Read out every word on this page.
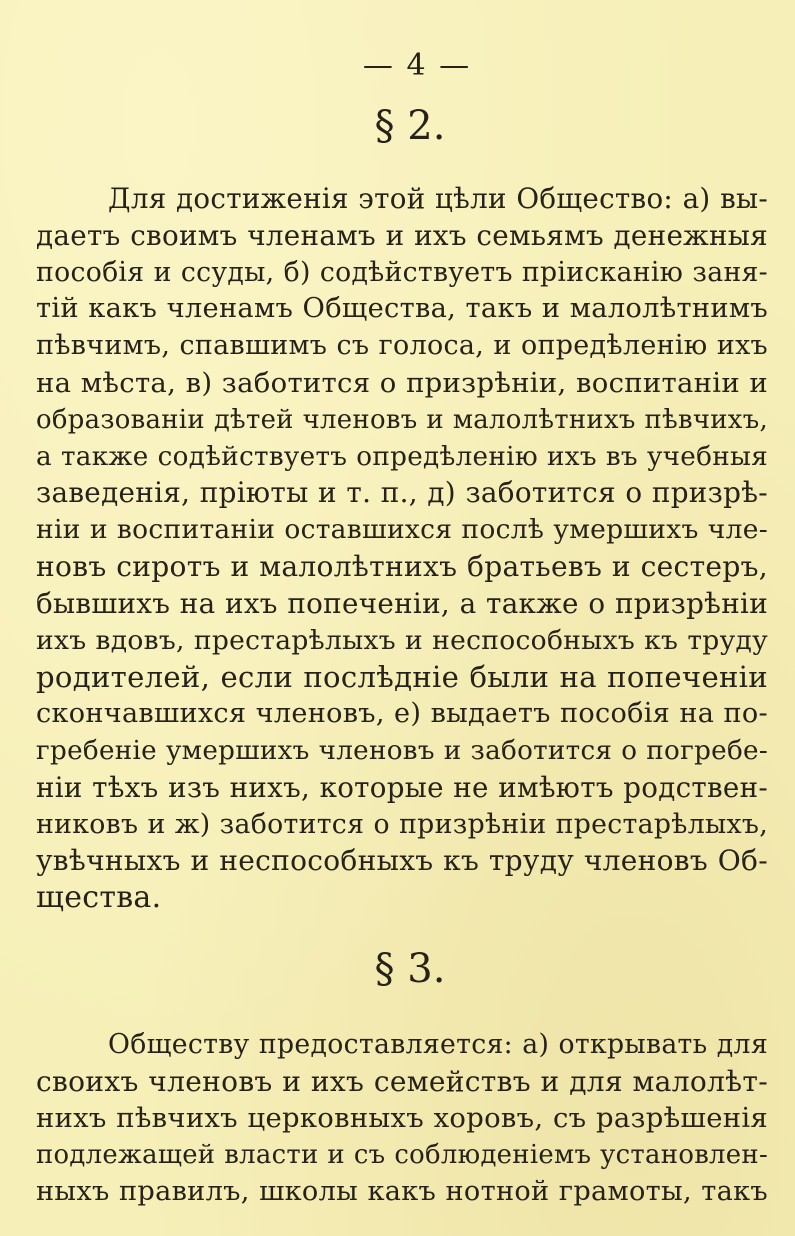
— 4 —
§ 2.
Для достиженія этой цѣли Общество: а) вы-
даетъ своимъ членамъ и ихъ семьямъ денежныя
пособія и ссуды, б) содѣйствуетъ пріисканію заня-
тій какъ членамъ Общества, такъ и малолѣтнимъ
пѣвчимъ, спавшимъ съ голоса, и опредѣленію ихъ
на мѣста, в) заботится о призрѣніи, воспитаніи и
образованіи дѣтей членовъ и малолѣтнихъ пѣвчихъ,
а также содѣйствуетъ опредѣленію ихъ въ учебныя
заведенія, пріюты и т. п., д) заботится о призрѣ-
ніи и воспитаніи оставшихся послѣ умершихъ чле-
новъ сиротъ и малолѣтнихъ братьевъ и сестеръ,
бывшихъ на ихъ попеченіи, а также о призрѣніи
ихъ вдовъ, престарѣлыхъ и неспособныхъ къ труду
родителей, если послѣдніе были на попеченіи
скончавшихся членовъ, е) выдаетъ пособія на по-
гребеніе умершихъ членовъ и заботится о погребе-
ніи тѣхъ изъ нихъ, которые не имѣютъ родствен-
никовъ и ж) заботится о призрѣніи престарѣлыхъ,
увѣчныхъ и неспособныхъ къ труду членовъ Об-
щества.
§ 3.
Обществу предоставляется: а) открывать для
своихъ членовъ и ихъ семействъ и для малолѣт-
нихъ пѣвчихъ церковныхъ хоровъ, съ разрѣшенія
подлежащей власти и съ соблюденіемъ установлен-
ныхъ правилъ, школы какъ нотной грамоты, такъ
